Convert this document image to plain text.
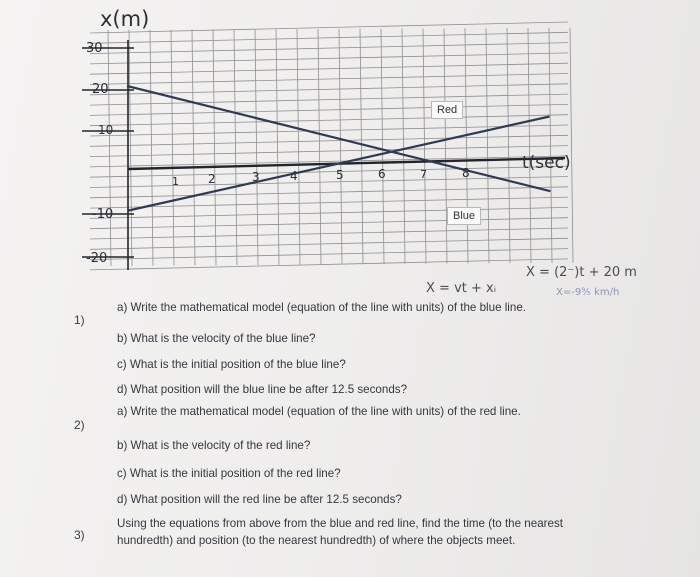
x(m)
t(sec)
30
20
10
-10
-20
1 2	3	4	5	6	7	8
Red
Blue
X = vt + xᵢ
X = (2⁻)t + 20 m
X=-9⁹⁄₅ km/h
1)
a) Write the mathematical model (equation of the line with units) of the blue line.
b) What is the velocity of the blue line?
c) What is the initial position of the blue line?
d) What position will the blue line be after 12.5 seconds?
2)
a) Write the mathematical model (equation of the line with units) of the red line.
b) What is the velocity of the red line?
c) What is the initial position of the red line?
d) What position will the red line be after 12.5 seconds?
3)
Using the equations from above from the blue and red line, find the time (to the nearest hundredth) and position (to the nearest hundredth) of where the objects meet.
